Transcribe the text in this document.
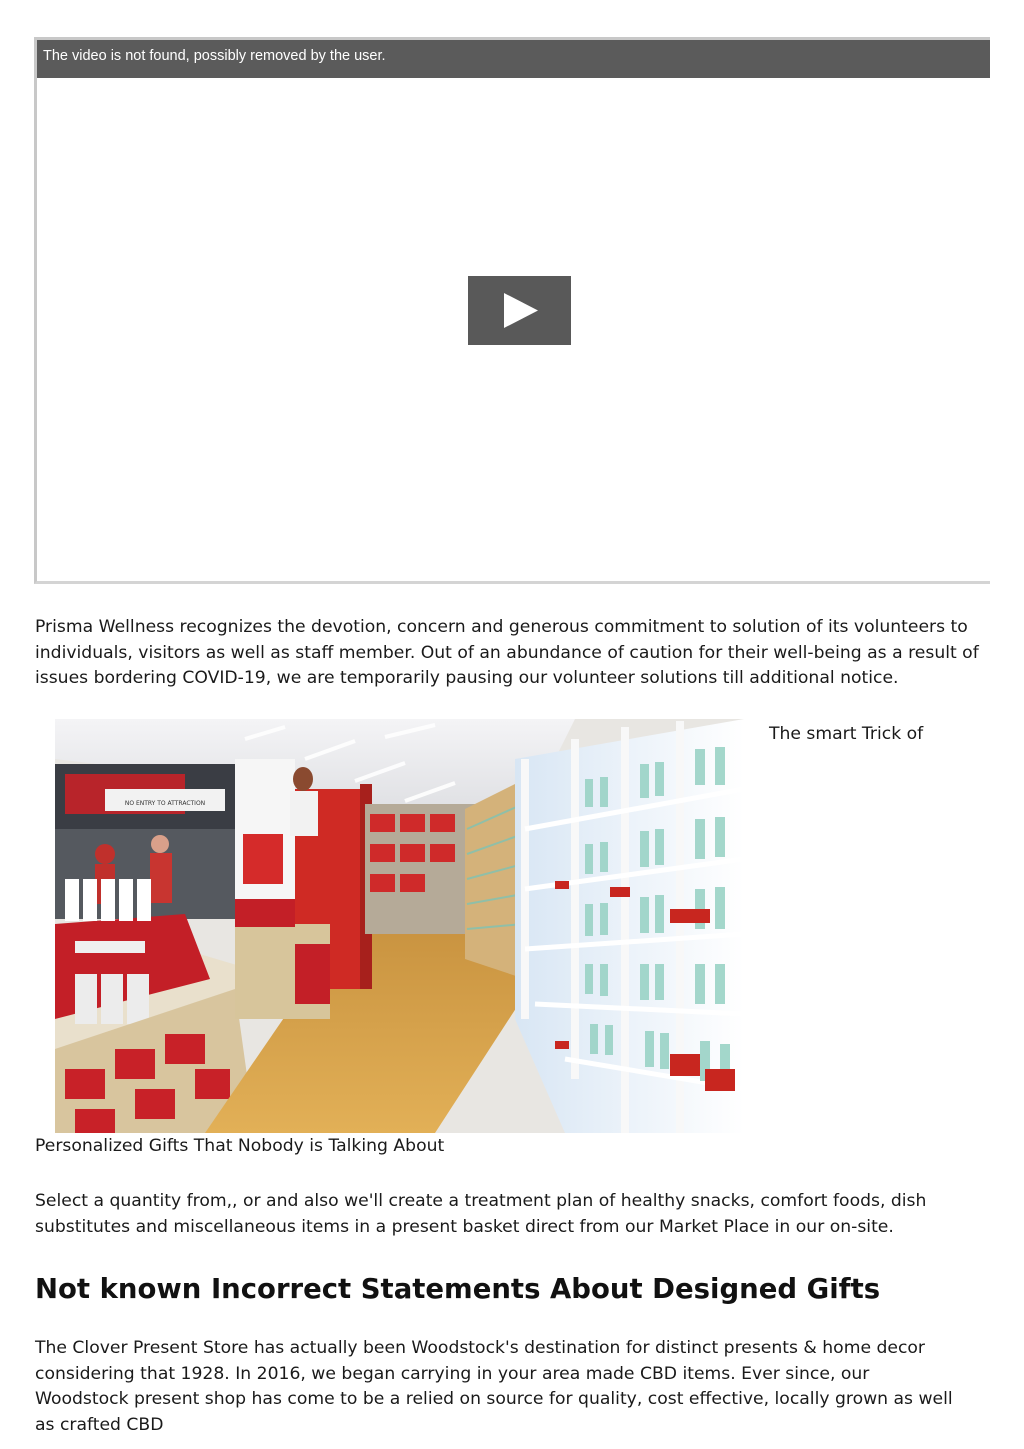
The video is not found, possibly removed by the user.

Prisma Wellness recognizes the devotion, concern and generous commitment to solution of its volunteers to individuals, visitors as well as staff member. Out of an abundance of caution for their well-being as a result of issues bordering COVID-19, we are temporarily pausing our volunteer solutions till additional notice.

NO ENTRY TO ATTRACTION

The smart Trick of

Personalized Gifts That Nobody is Talking About

Select a quantity from,, or and also we'll create a treatment plan of healthy snacks, comfort foods, dish substitutes and miscellaneous items in a present basket direct from our Market Place in our on-site.

Not known Incorrect Statements About Designed Gifts

The Clover Present Store has actually been Woodstock's destination for distinct presents & home decor considering that 1928. In 2016, we began carrying in your area made CBD items. Ever since, our Woodstock present shop has come to be a relied on source for quality, cost effective, locally grown as well as crafted CBD
